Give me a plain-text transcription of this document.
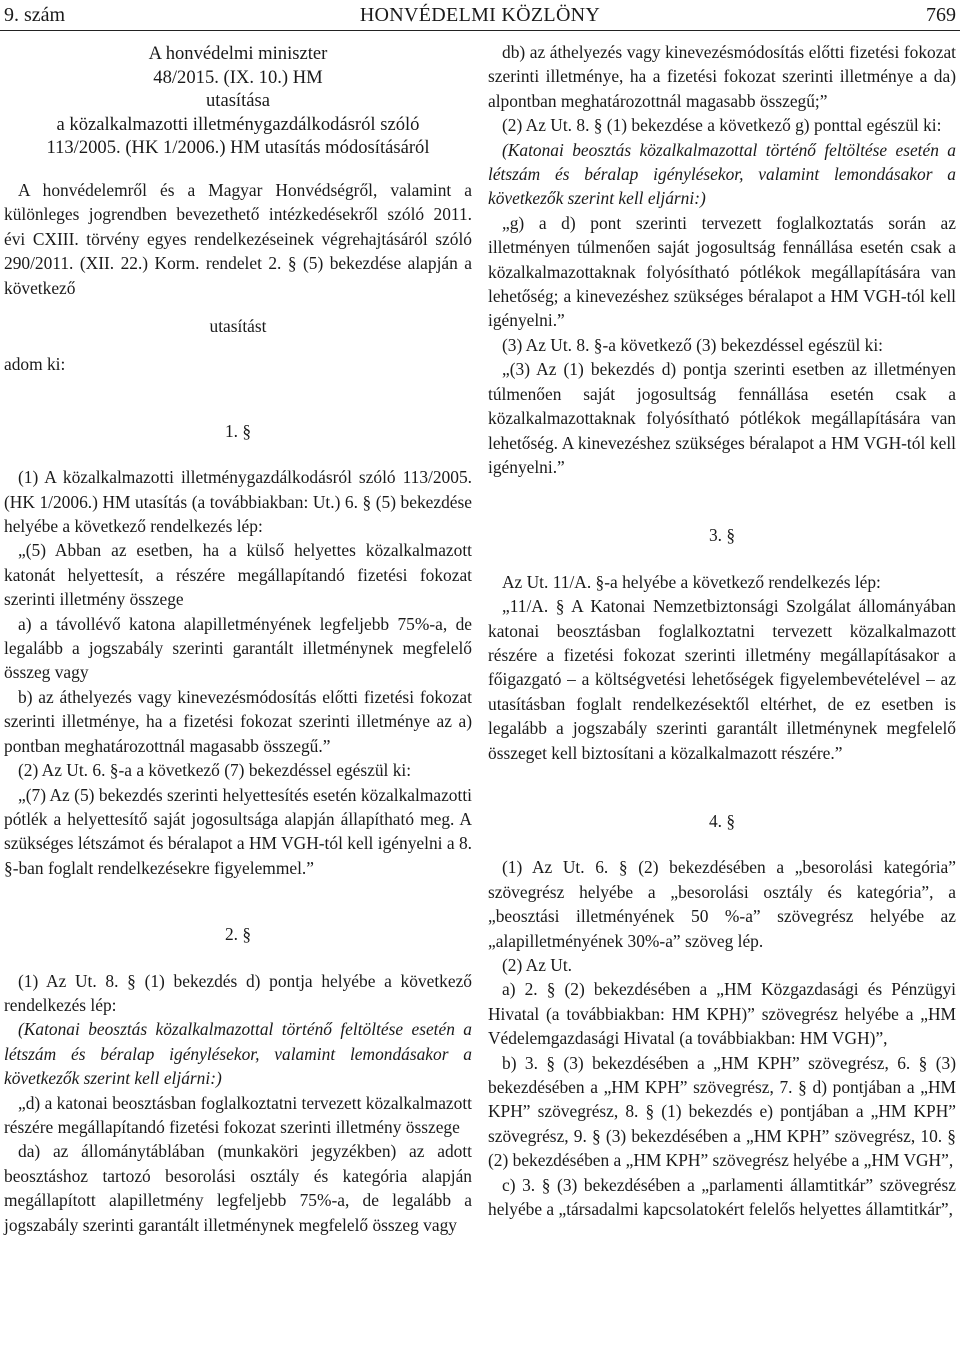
9. szám	HONVÉDELMI KÖZLÖNY	769

A honvédelmi miniszter

48/2015. (IX. 10.) HM

utasítása

a közalkalmazotti illetménygazdálkodásról szóló

113/2005. (HK 1/2006.) HM utasítás módosításáról

A honvédelemről és a Magyar Honvédségről, valamint a különleges jogrendben bevezethető intézkedésekről szóló 2011. évi CXIII. törvény egyes rendelkezéseinek végrehajtásáról szóló 290/2011. (XII. 22.) Korm. rendelet 2. § (5) bekezdése alapján a következő

utasítást

adom ki:

1. §

(1) A közalkalmazotti illetménygazdálkodásról szóló 113/2005. (HK 1/2006.) HM utasítás (a továbbiakban: Ut.) 6. § (5) bekezdése helyébe a következő rendelkezés lép:

„(5) Abban az esetben, ha a külső helyettes közalkalmazott katonát helyettesít, a részére megállapítandó fizetési fokozat szerinti illetmény összege

a) a távollévő katona alapilletményének legfeljebb 75%-a, de legalább a jogszabály szerinti garantált illetménynek megfelelő összeg vagy

b) az áthelyezés vagy kinevezésmódosítás előtti fizetési fokozat szerinti illetménye, ha a fizetési fokozat szerinti illetménye az a) pontban meghatározottnál magasabb összegű.”

(2) Az Ut. 6. §-a a következő (7) bekezdéssel egészül ki:

„(7) Az (5) bekezdés szerinti helyettesítés esetén közalkalmazotti pótlék a helyettesítő saját jogosultsága alapján állapítható meg. A szükséges létszámot és béralapot a HM VGH-tól kell igényelni a 8. §-ban foglalt rendelkezésekre figyelemmel.”

2. §

(1) Az Ut. 8. § (1) bekezdés d) pontja helyébe a következő rendelkezés lép:

(Katonai beosztás közalkalmazottal történő feltöltése esetén a létszám és béralap igénylésekor, valamint lemondásakor a következők szerint kell eljárni:)

„d) a katonai beosztásban foglalkoztatni tervezett közalkalmazott részére megállapítandó fizetési fokozat szerinti illetmény összege

da) az állománytáblában (munkaköri jegyzékben) az adott beosztáshoz tartozó besorolási osztály és kategória alapján megállapított alapilletmény legfeljebb 75%-a, de legalább a jogszabály szerinti garantált illetménynek megfelelő összeg vagy

db) az áthelyezés vagy kinevezésmódosítás előtti fizetési fokozat szerinti illetménye, ha a fizetési fokozat szerinti illetménye a da) alpontban meghatározottnál magasabb összegű;”

(2) Az Ut. 8. § (1) bekezdése a következő g) ponttal egészül ki:

(Katonai beosztás közalkalmazottal történő feltöltése esetén a létszám és béralap igénylésekor, valamint lemondásakor a következők szerint kell eljárni:)

„g) a d) pont szerinti tervezett foglalkoztatás során az illetményen túlmenően saját jogosultság fennállása esetén csak a közalkalmazottaknak folyósítható pótlékok megállapítására van lehetőség; a kinevezéshez szükséges béralapot a HM VGH-tól kell igényelni.”

(3) Az Ut. 8. §-a következő (3) bekezdéssel egészül ki:

„(3) Az (1) bekezdés d) pontja szerinti esetben az illetményen túlmenően saját jogosultság fennállása esetén csak a közalkalmazottaknak folyósítható pótlékok megállapítására van lehetőség. A kinevezéshez szükséges béralapot a HM VGH-tól kell igényelni.”

3. §

Az Ut. 11/A. §-a helyébe a következő rendelkezés lép:

„11/A. § A Katonai Nemzetbiztonsági Szolgálat állományában katonai beosztásban foglalkoztatni tervezett közalkalmazott részére a fizetési fokozat szerinti illetmény megállapításakor a főigazgató – a költségvetési lehetőségek figyelembevételével – az utasításban foglalt rendelkezésektől eltérhet, de ez esetben is legalább a jogszabály szerinti garantált illetménynek megfelelő összeget kell biztosítani a közalkalmazott részére.”

4. §

(1) Az Ut. 6. § (2) bekezdésében a „besorolási kategória” szövegrész helyébe a „besorolási osztály és kategória”, a „beosztási illetményének 50 %-a” szövegrész helyébe az „alapilletményének 30%-a” szöveg lép.

(2) Az Ut.

a) 2. § (2) bekezdésében a „HM Közgazdasági és Pénzügyi Hivatal (a továbbiakban: HM KPH)” szövegrész helyébe a „HM Védelemgazdasági Hivatal (a továbbiakban: HM VGH)”,

b) 3. § (3) bekezdésében a „HM KPH” szövegrész, 6. § (3) bekezdésében a „HM KPH” szövegrész, 7. § d) pontjában a „HM KPH” szövegrész, 8. § (1) bekezdés e) pontjában a „HM KPH” szövegrész, 9. § (3) bekezdésében a „HM KPH” szövegrész, 10. § (2) bekezdésében a „HM KPH” szövegrész helyébe a „HM VGH”,

c) 3. § (3) bekezdésében a „parlamenti államtitkár” szövegrész helyébe a „társadalmi kapcsolatokért felelős helyettes államtitkár”,
